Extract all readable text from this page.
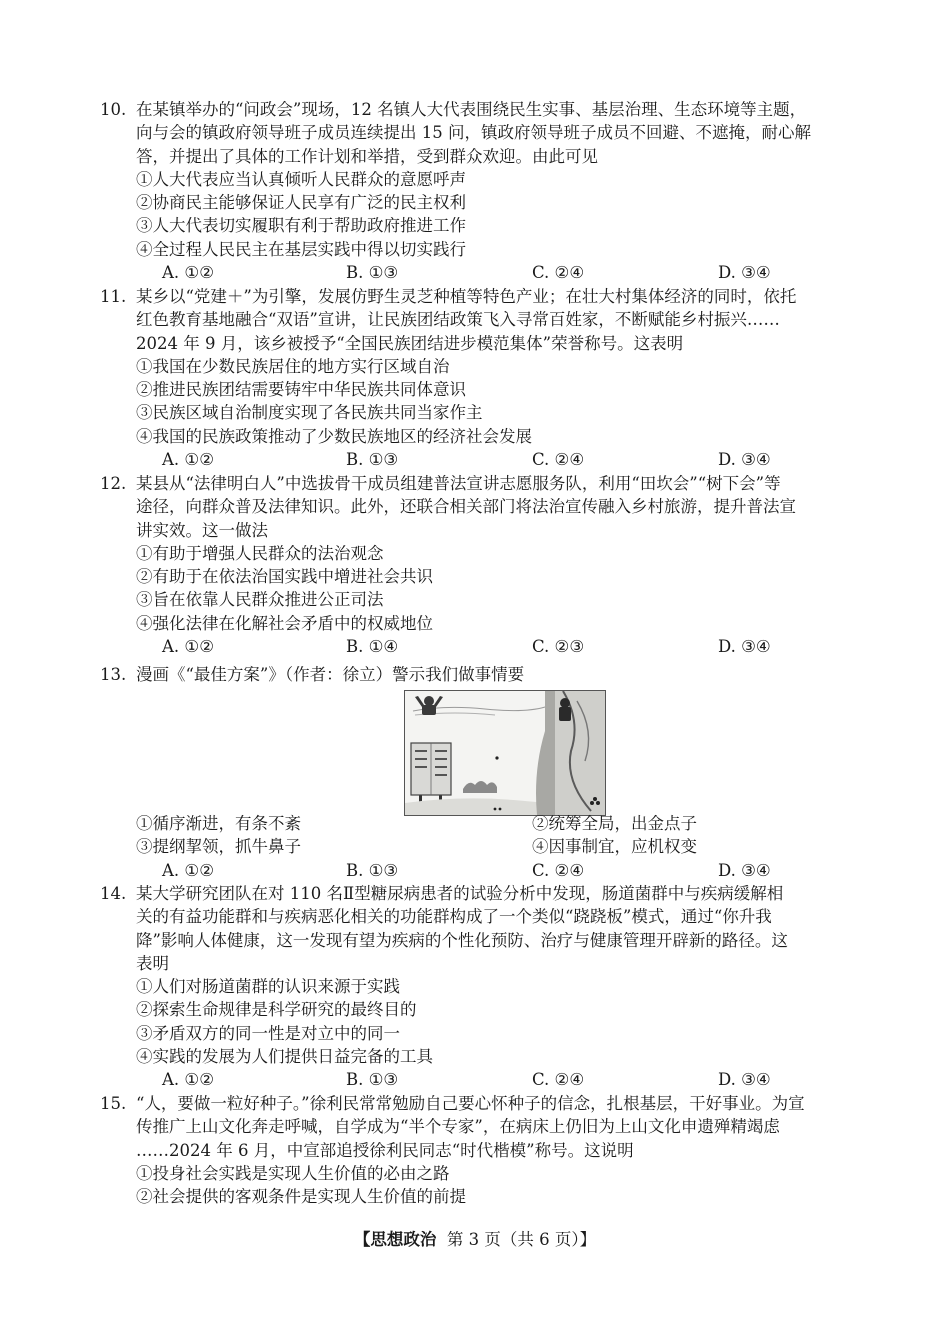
10. 在某镇举办的“问政会”现场，12 名镇人大代表围绕民生实事、基层治理、生态环境等主题，
向与会的镇政府领导班子成员连续提出 15 问，镇政府领导班子成员不回避、不遮掩，耐心解
答，并提出了具体的工作计划和举措，受到群众欢迎。由此可见
①人大代表应当认真倾听人民群众的意愿呼声
②协商民主能够保证人民享有广泛的民主权利
③人大代表切实履职有利于帮助政府推进工作
④全过程人民民主在基层实践中得以切实践行
A. ①②	B. ①③	C. ②④	D. ③④
11. 某乡以“党建＋”为引擎，发展仿野生灵芝种植等特色产业；在壮大村集体经济的同时，依托
红色教育基地融合“双语”宣讲，让民族团结政策飞入寻常百姓家，不断赋能乡村振兴……
2024 年 9 月，该乡被授予“全国民族团结进步模范集体”荣誉称号。这表明
①我国在少数民族居住的地方实行区域自治
②推进民族团结需要铸牢中华民族共同体意识
③民族区域自治制度实现了各民族共同当家作主
④我国的民族政策推动了少数民族地区的经济社会发展
A. ①②	B. ①③	C. ②④	D. ③④
12. 某县从“法律明白人”中选拔骨干成员组建普法宣讲志愿服务队，利用“田坎会”“树下会”等
途径，向群众普及法律知识。此外，还联合相关部门将法治宣传融入乡村旅游，提升普法宣
讲实效。这一做法
①有助于增强人民群众的法治观念
②有助于在依法治国实践中增进社会共识
③旨在依靠人民群众推进公正司法
④强化法律在化解社会矛盾中的权威地位
A. ①②	B. ①④	C. ②③	D. ③④
13. 漫画《“最佳方案”》（作者：徐立）警示我们做事情要
①循序渐进，有条不紊	②统筹全局，出金点子
③提纲挈领，抓牛鼻子	④因事制宜，应机权变
A. ①②	B. ①③	C. ②④	D. ③④
14. 某大学研究团队在对 110 名Ⅱ型糖尿病患者的试验分析中发现，肠道菌群中与疾病缓解相
关的有益功能群和与疾病恶化相关的功能群构成了一个类似“跷跷板”模式，通过“你升我
降”影响人体健康，这一发现有望为疾病的个性化预防、治疗与健康管理开辟新的路径。这
表明
①人们对肠道菌群的认识来源于实践
②探索生命规律是科学研究的最终目的
③矛盾双方的同一性是对立中的同一
④实践的发展为人们提供日益完备的工具
A. ①②	B. ①③	C. ②④	D. ③④
15. “人，要做一粒好种子。”徐利民常常勉励自己要心怀种子的信念，扎根基层，干好事业。为宣
传推广上山文化奔走呼喊，自学成为“半个专家”，在病床上仍旧为上山文化申遗殚精竭虑
……2024 年 6 月，中宣部追授徐利民同志“时代楷模”称号。这说明
①投身社会实践是实现人生价值的必由之路
②社会提供的客观条件是实现人生价值的前提
【思想政治 第 3 页（共 6 页）】
